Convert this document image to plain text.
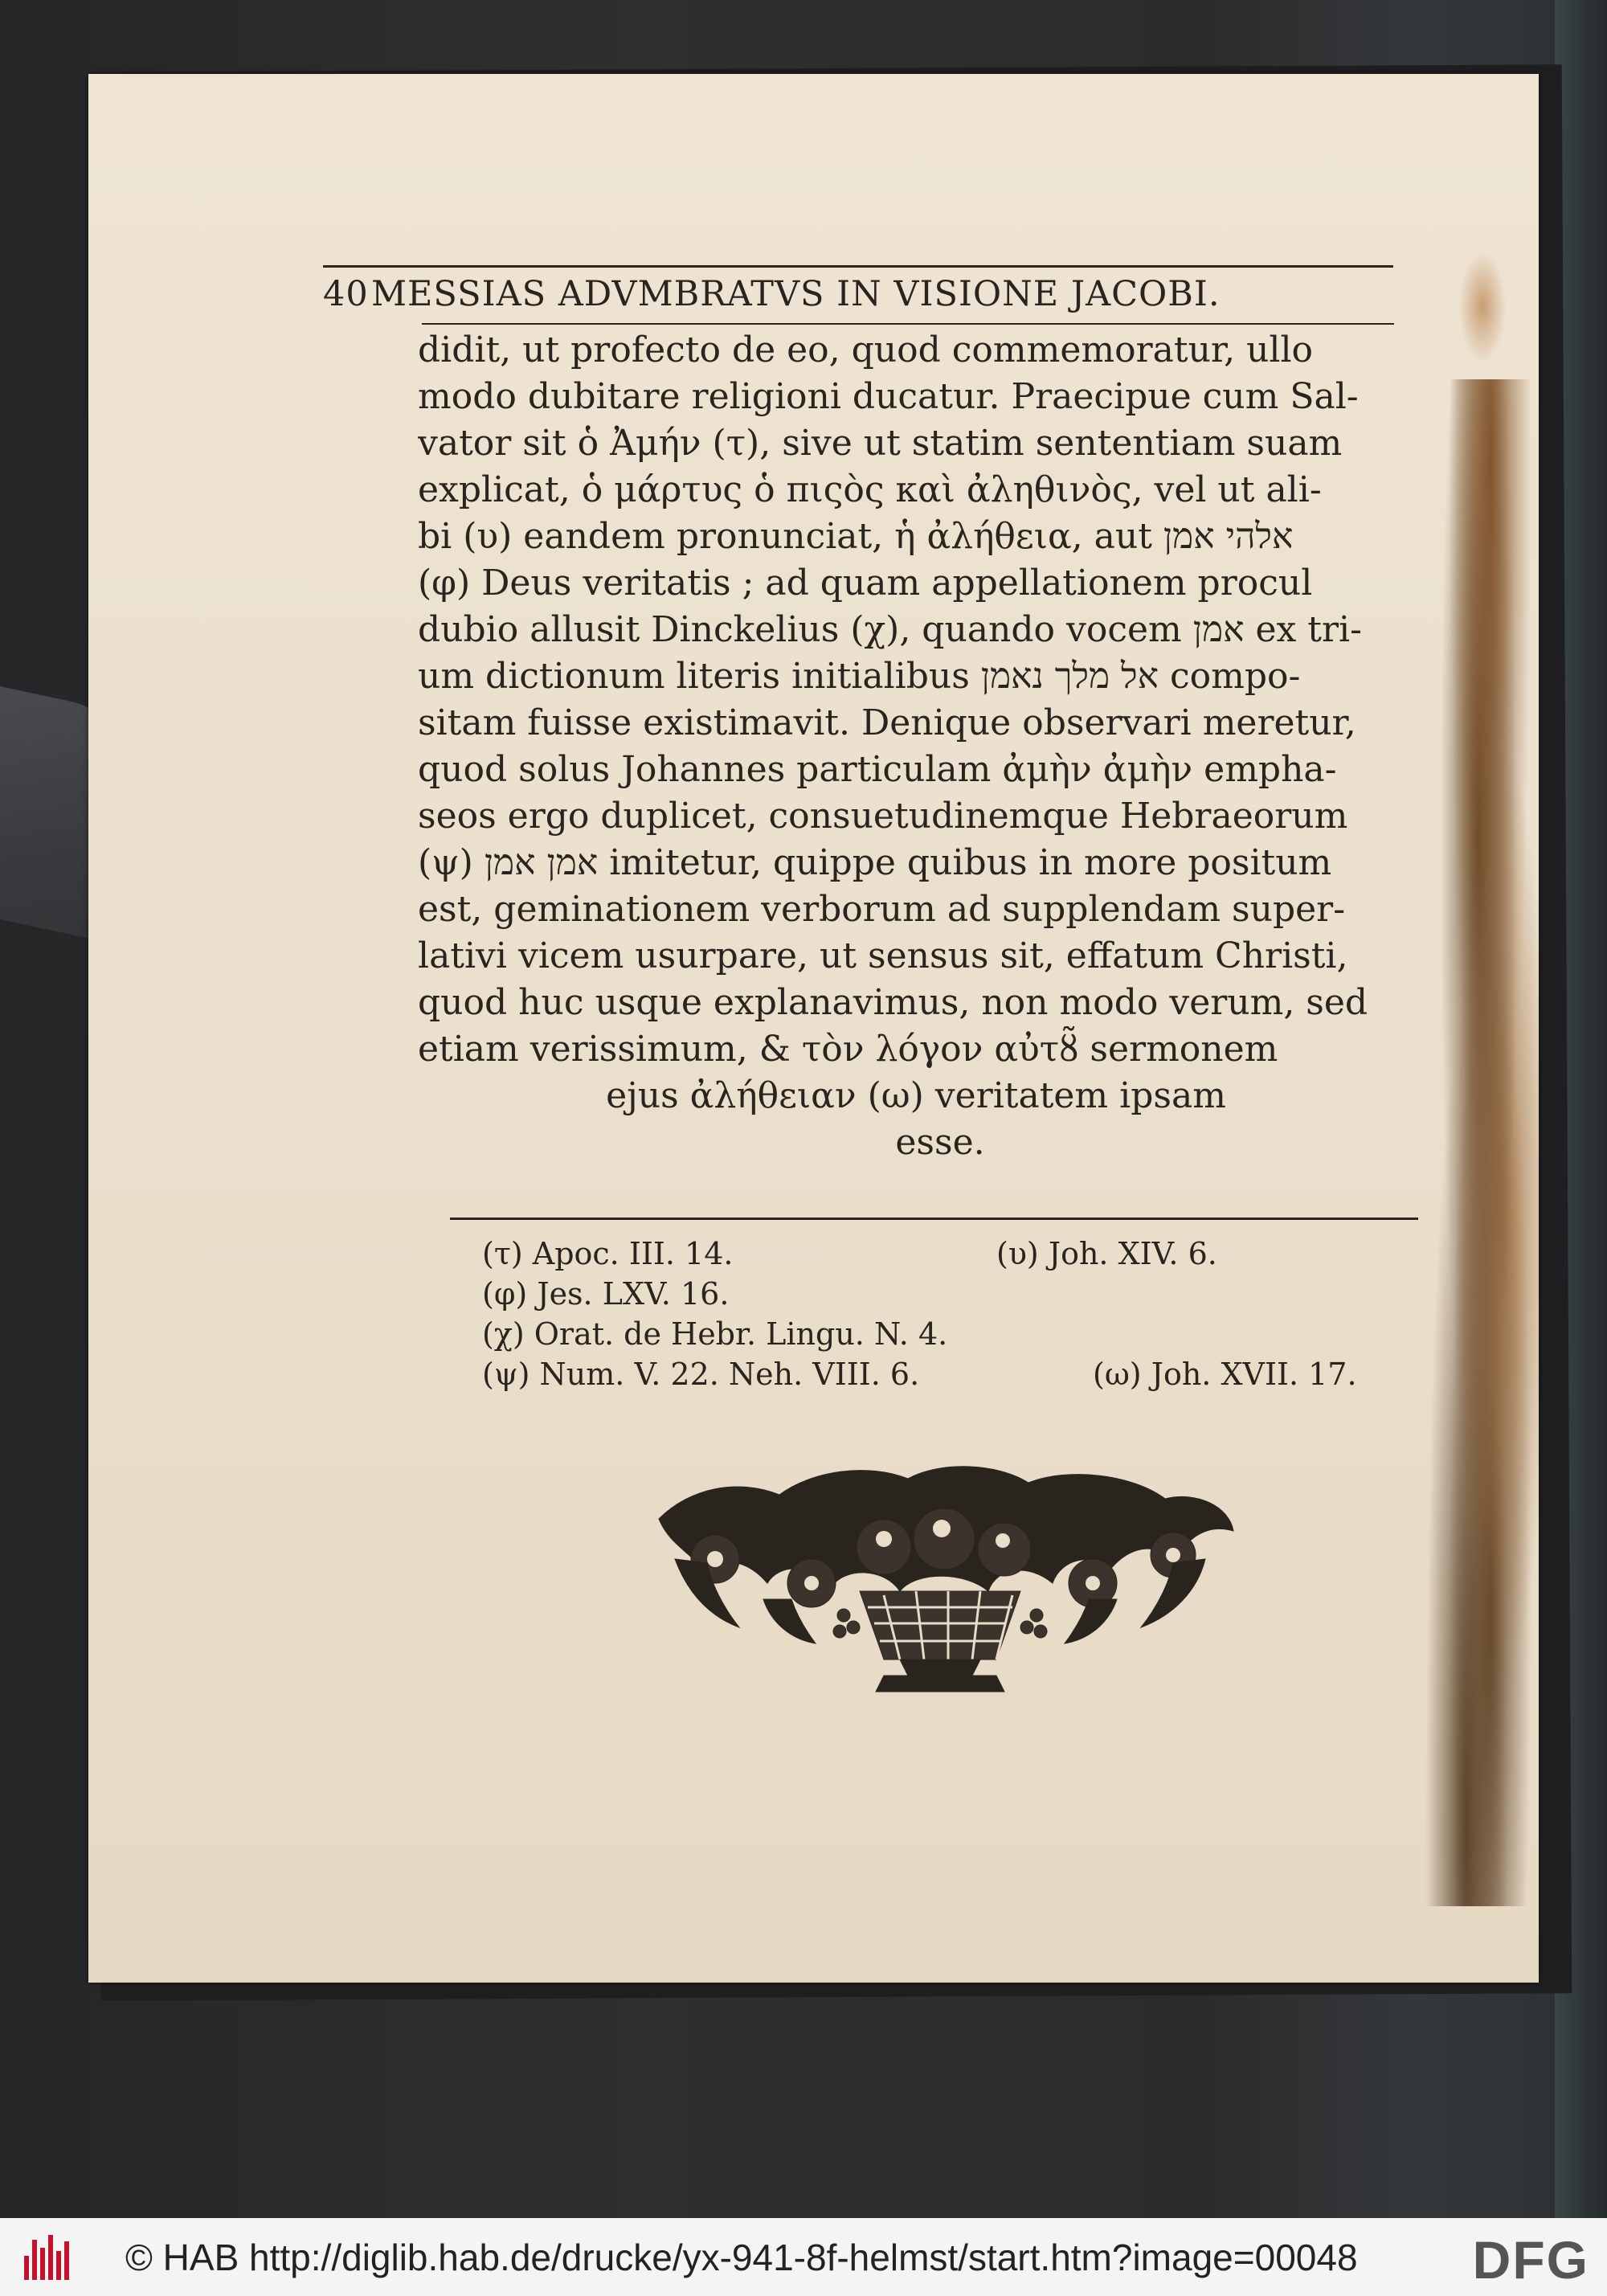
40 MESSIAS ADVMBRATVS IN VISIONE JACOBI.
didit, ut profecto de eo, quod commemoratur, ullo
modo dubitare religioni ducatur. Praecipue cum Sal-
vator sit ὁ Ἀμήν (τ), sive ut statim sententiam suam
explicat, ὁ μάρτυς ὁ πιςὸς καὶ ἀληθινὸς, vel ut ali-
bi (υ) eandem pronunciat, ἡ ἀλήθεια, aut אלהי אמן
(φ) Deus veritatis ; ad quam appellationem procul
dubio allusit Dinckelius (χ), quando vocem אמן ex tri-
um dictionum literis initialibus אל מלך נאמן compo-
sitam fuisse existimavit. Denique observari meretur,
quod solus Johannes particulam ἀμὴν ἀμὴν empha-
seos ergo duplicet, consuetudinemque Hebraeorum
(ψ) אמן אמן imitetur, quippe quibus in more positum
est, geminationem verborum ad supplendam super-
lativi vicem usurpare, ut sensus sit, effatum Christi,
quod huc usque explanavimus, non modo verum, sed
etiam verissimum, & τὸν λόγον αὐτȣ̃ sermonem
ejus ἀλήθειαν (ω) veritatem ipsam
esse.
(τ) Apoc. III. 14.	(υ) Joh. XIV. 6.
(φ) Jes. LXV. 16.
(χ) Orat. de Hebr. Lingu. N. 4.
(ψ) Num. V. 22. Neh. VIII. 6.	(ω) Joh. XVII. 17.
© HAB http://diglib.hab.de/drucke/yx-941-8f-helmst/start.htm?image=00048 DFG
